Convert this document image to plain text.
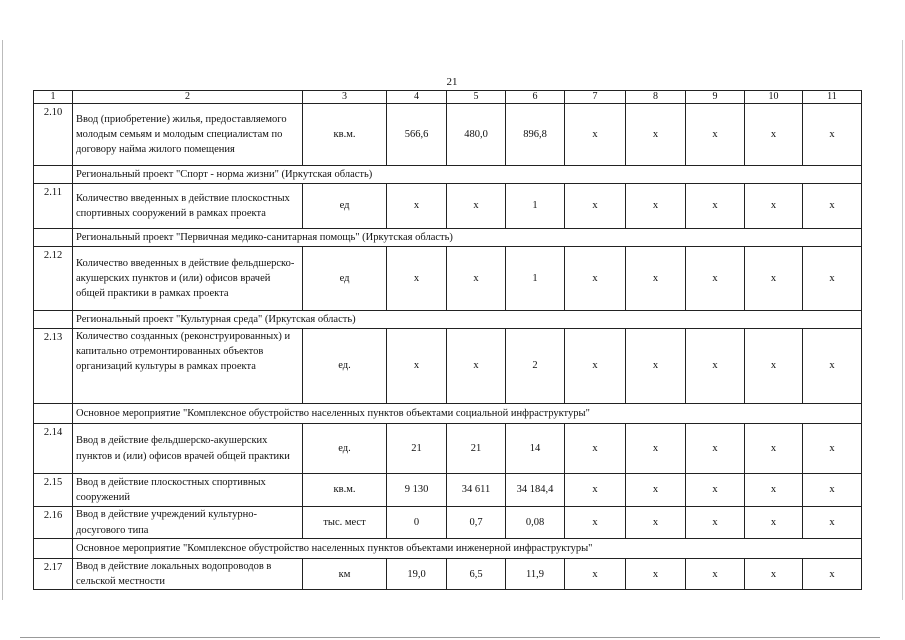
21
1	2	3	4	5	6	7	8	9	10	11
2.10	Ввод (приобретение) жилья, предоставляемого молодым семьям и молодым специалистам по договору найма жилого помещения	кв.м.	566,6	480,0	896,8	х	х	х	х	х
	Региональный проект "Спорт - норма жизни" (Иркутская область)									
2.11	Количество введенных в действие плоскостных спортивных сооружений в рамках проекта	ед	х	х	1	х	х	х	х	х
	Региональный проект "Первичная медико-санитарная помощь" (Иркутская область)									
2.12	Количество введенных в действие фельдшерско-акушерских пунктов и (или) офисов врачей общей практики в рамках проекта	ед	х	х	1	х	х	х	х	х
	Региональный проект "Культурная среда" (Иркутская область)									
2.13	Количество созданных (реконструированных) и капитально отремонтированных объектов организаций культуры в рамках проекта	ед.	х	х	2	х	х	х	х	х
	Основное мероприятие "Комплексное обустройство населенных пунктов объектами социальной инфраструктуры"									
2.14	Ввод в действие фельдшерско-акушерских пунктов и (или) офисов врачей общей практики	ед.	21	21	14	х	х	х	х	х
2.15	Ввод в действие плоскостных спортивных сооружений	кв.м.	9 130	34 611	34 184,4	х	х	х	х	х
2.16	Ввод в действие учреждений культурно-досугового типа	тыс. мест	0	0,7	0,08	х	х	х	х	х
	Основное мероприятие "Комплексное обустройство населенных пунктов объектами инженерной инфраструктуры"									
2.17	Ввод в действие локальных водопроводов в сельской местности	км	19,0	6,5	11,9	х	х	х	х	х
